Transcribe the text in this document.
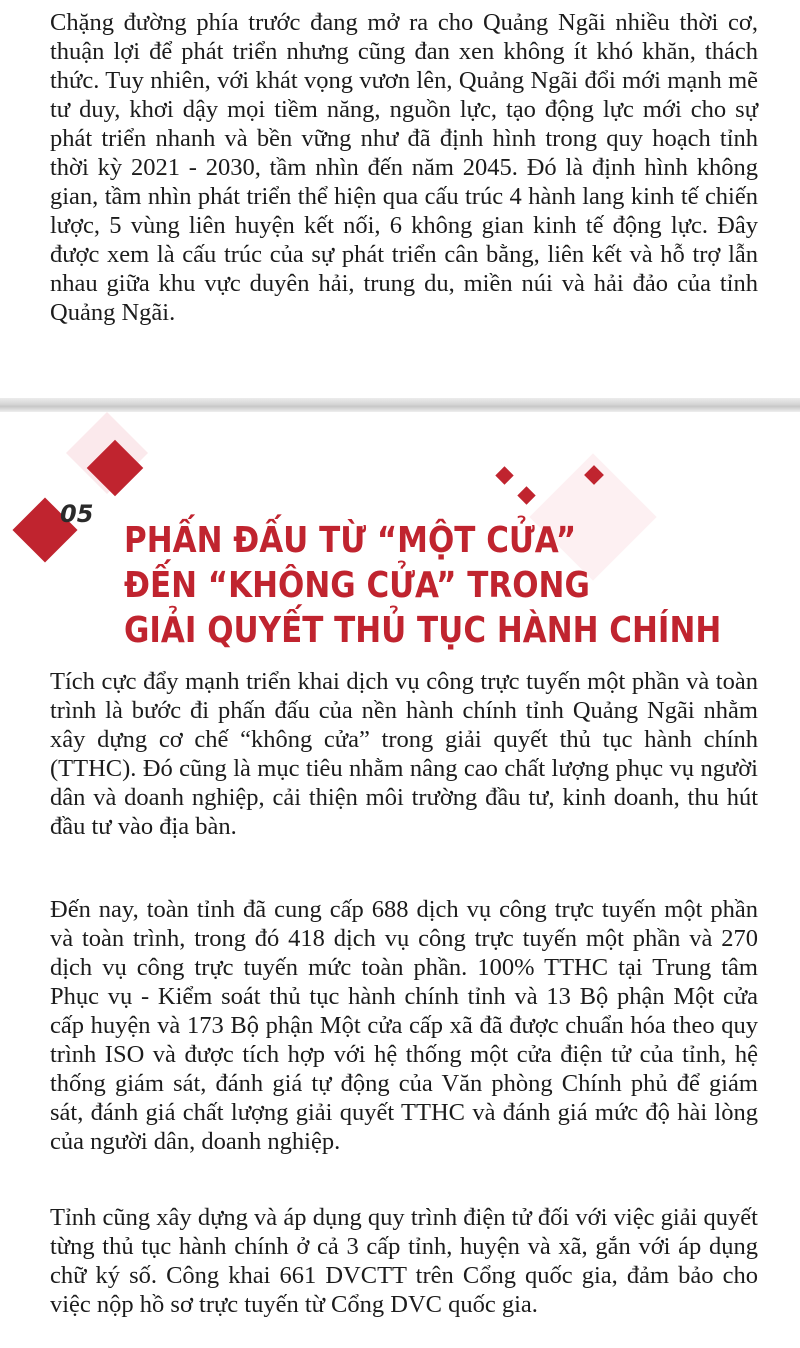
Chặng đường phía trước đang mở ra cho Quảng Ngãi nhiều thời cơ, thuận lợi để phát triển nhưng cũng đan xen không ít khó khăn, thách thức. Tuy nhiên, với khát vọng vươn lên, Quảng Ngãi đổi mới mạnh mẽ tư duy, khơi dậy mọi tiềm năng, nguồn lực, tạo động lực mới cho sự phát triển nhanh và bền vững như đã định hình trong quy hoạch tỉnh thời kỳ 2021 - 2030, tầm nhìn đến năm 2045. Đó là định hình không gian, tầm nhìn phát triển thể hiện qua cấu trúc 4 hành lang kinh tế chiến lược, 5 vùng liên huyện kết nối, 6 không gian kinh tế động lực. Đây được xem là cấu trúc của sự phát triển cân bằng, liên kết và hỗ trợ lẫn nhau giữa khu vực duyên hải, trung du, miền núi và hải đảo của tỉnh Quảng Ngãi.

05

PHẤN ĐẤU TỪ “MỘT CỬA”
ĐẾN “KHÔNG CỬA” TRONG
GIẢI QUYẾT THỦ TỤC HÀNH CHÍNH

Tích cực đẩy mạnh triển khai dịch vụ công trực tuyến một phần và toàn trình là bước đi phấn đấu của nền hành chính tỉnh Quảng Ngãi nhằm xây dựng cơ chế “không cửa” trong giải quyết thủ tục hành chính (TTHC). Đó cũng là mục tiêu nhằm nâng cao chất lượng phục vụ người dân và doanh nghiệp, cải thiện môi trường đầu tư, kinh doanh, thu hút đầu tư vào địa bàn.

Đến nay, toàn tỉnh đã cung cấp 688 dịch vụ công trực tuyến một phần và toàn trình, trong đó 418 dịch vụ công trực tuyến một phần và 270 dịch vụ công trực tuyến mức toàn phần. 100% TTHC tại Trung tâm Phục vụ - Kiểm soát thủ tục hành chính tỉnh và 13 Bộ phận Một cửa cấp huyện và 173 Bộ phận Một cửa cấp xã đã được chuẩn hóa theo quy trình ISO và được tích hợp với hệ thống một cửa điện tử của tỉnh, hệ thống giám sát, đánh giá tự động của Văn phòng Chính phủ để giám sát, đánh giá chất lượng giải quyết TTHC và đánh giá mức độ hài lòng của người dân, doanh nghiệp.

Tỉnh cũng xây dựng và áp dụng quy trình điện tử đối với việc giải quyết từng thủ tục hành chính ở cả 3 cấp tỉnh, huyện và xã, gắn với áp dụng chữ ký số. Công khai 661 DVCTT trên Cổng quốc gia, đảm bảo cho việc nộp hồ sơ trực tuyến từ Cổng DVC quốc gia.
